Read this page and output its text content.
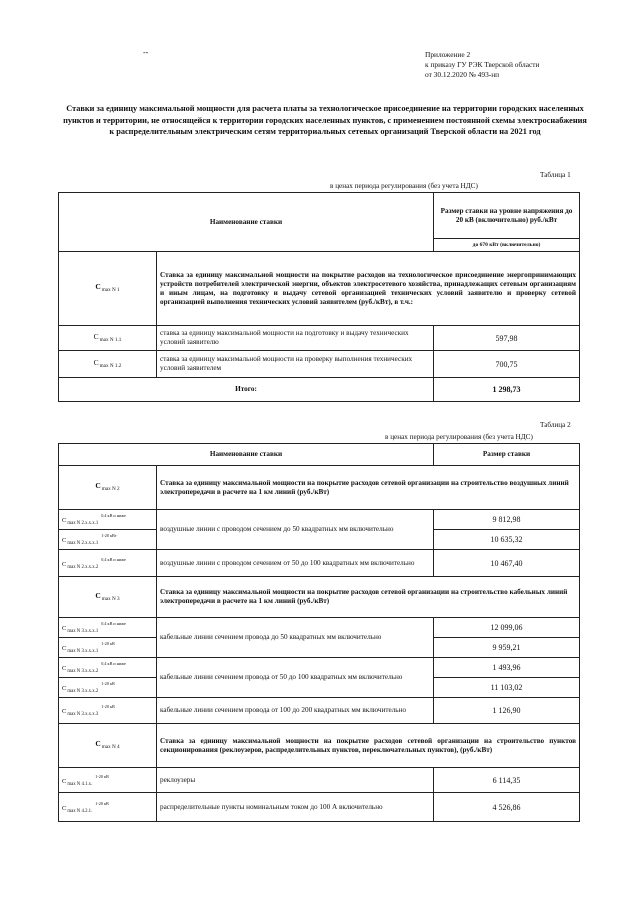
--	Приложение 2
к приказу ГУ РЭК Тверской области
от 30.12.2020 № 493-нп
Ставки за единицу максимальной мощности для расчета платы за технологическое присоединение на территории городских населенных пунктов и территории, не относящейся к территории городских населенных пунктов, с применением постоянной схемы электроснабжения к распределительным электрическим сетям территориальных сетевых организаций Тверской области на 2021 год
Таблица 1
в ценах периода регулирования (без учета НДС)
Наименование ставки		Размер ставки на уровне напряжения до 20 кВ (включительно) руб./кВт
		до 670 кВт (включительно)
$C_{max N 1}$	Ставка за единицу максимальной мощности на покрытие расходов на технологическое присоединение энергопринимающих устройств потребителей электрической энергии, объектов электросетевого хозяйства, принадлежащих сетевым организациям и иным лицам, на подготовку и выдачу сетевой организацией технических условий заявителю и проверку сетевой организацией выполнения технических условий заявителем (руб./кВт), в т.ч.:	
$C_{max N 1.1}$	ставка за единицу максимальной мощности на подготовку и выдачу технических условий заявителю	597,98
$C_{max N 1.2}$	ставка за единицу максимальной мощности на проверку выполнения технических условий заявителем	700,75
Итого:		1 298,73
Таблица 2
в ценах периода регулирования (без учета НДС)
Наименование ставки		Размер ставки
$C_{max N 2}$	Ставка за единицу максимальной мощности на покрытие расходов сетевой организации на строительство воздушных линий электропередачи в расчете на 1 км линий (руб./кВт)	
$C_{max N 2.x.x.x.1}^{0,4 кВ и ниже}$	воздушные линии с проводом сечением до 50 квадратных мм включительно	9 812,98
$C_{max N 2.x.x.x.1}^{1-20 кВт}$		10 635,32
$C_{max N 2.x.x.x.2}^{0,4 кВ и ниже}$	воздушные линии с проводом сечением от 50 до 100 квадратных мм включительно	10 467,40
$C_{max N 3}$	Ставка за единицу максимальной мощности на покрытие расходов сетевой организации на строительство кабельных линий электропередачи в расчете на 1 км линий (руб./кВт)	
$C_{max N 3.x.x.x.1}^{0,4 кВ и ниже}$	кабельные линии сечением провода до 50 квадратных мм включительно	12 099,06
$C_{max N 3.x.x.x.1}^{1-20 кВ}$		9 959,21
$C_{max N 3.x.x.x.2}^{0,4 кВ и ниже}$	кабельные линии сечением провода от 50 до 100 квадратных мм включительно	1 493,96
$C_{max N 3.x.x.x.2}^{1-20 кВ}$		11 103,02
$C_{max N 3.x.x.x.3}^{1-20 кВ}$	кабельные линии сечением провода от 100 до 200 квадратных мм включительно	1 126,90
$C_{max N 4}$	Ставка за единицу максимальной мощности на покрытие расходов сетевой организации на строительство пунктов секционирования (реклоузеров, распределительных пунктов, переключательных пунктов), (руб./кВт)	
$C_{max N 4.1.x.}^{1-20 кВ}$	реклоузеры	6 114,35
$C_{max N 4.2.1.}^{1-20 кВ}$	распределительные пункты номинальным током до 100 А включительно	4 526,86
